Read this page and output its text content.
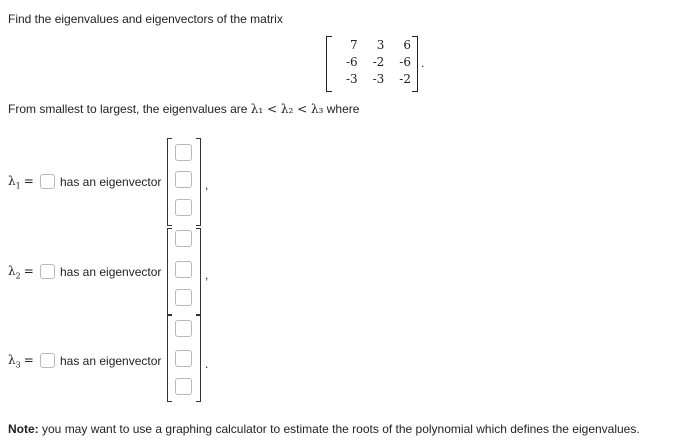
Find the eigenvalues and eigenvectors of the matrix
7	3	6
-6	-2	-6
-3	-3	-2
.
From smallest to largest, the eigenvalues are λ₁ < λ₂ < λ₃ where
$\lambda_1$ = has an eigenvector	,
$\lambda_2$ = has an eigenvector	,
$\lambda_3$ = has an eigenvector	.
Note: you may want to use a graphing calculator to estimate the roots of the polynomial which defines the eigenvalues.
